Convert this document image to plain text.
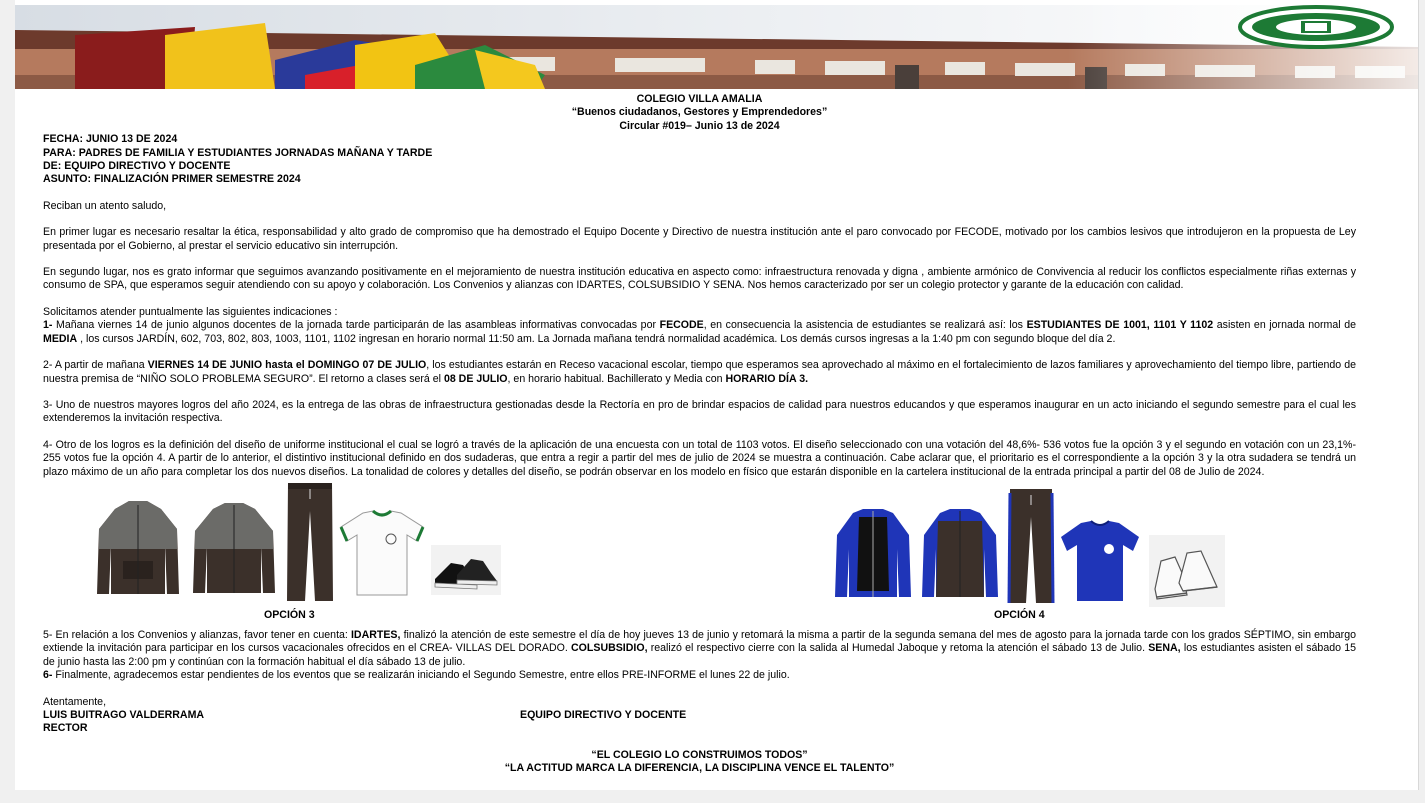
COLEGIO VILLA AMALIA
“Buenos ciudadanos, Gestores y Emprendedores”
Circular #019– Junio 13 de 2024
FECHA: JUNIO 13 DE 2024
PARA: PADRES DE FAMILIA Y ESTUDIANTES JORNADAS MAÑANA Y TARDE
DE: EQUIPO DIRECTIVO Y DOCENTE
ASUNTO: FINALIZACIÓN PRIMER SEMESTRE 2024

Reciban un atento saludo,

En primer lugar es necesario resaltar la ética, responsabilidad y alto grado de compromiso que ha demostrado el Equipo Docente y Directivo de nuestra institución ante el paro convocado por FECODE, motivado por los cambios lesivos que introdujeron en la propuesta de Ley presentada por el Gobierno, al prestar el servicio educativo sin interrupción.

En segundo lugar, nos es grato informar que seguimos avanzando positivamente en el mejoramiento de nuestra institución educativa en aspecto como: infraestructura renovada y digna , ambiente armónico de Convivencia al reducir los conflictos especialmente riñas externas y consumo de SPA, que esperamos seguir atendiendo con su apoyo y colaboración. Los Convenios y alianzas con IDARTES, COLSUBSIDIO Y SENA. Nos hemos caracterizado por ser un colegio protector y garante de la educación con calidad.

Solicitamos atender puntualmente las siguientes indicaciones :

1- Mañana viernes 14 de junio algunos docentes de la jornada tarde participarán de las asambleas informativas convocadas por FECODE, en consecuencia la asistencia de estudiantes se realizará así: los ESTUDIANTES DE 1001, 1101 Y 1102 asisten en jornada normal de MEDIA , los cursos JARDÍN, 602, 703, 802, 803, 1003, 1101, 1102 ingresan en horario normal 11:50 am. La Jornada mañana tendrá normalidad académica. Los demás cursos ingresas a la 1:40 pm con segundo bloque del día 2.

2- A partir de mañana VIERNES 14 DE JUNIO hasta el DOMINGO 07 DE JULIO, los estudiantes estarán en Receso vacacional escolar, tiempo que esperamos sea aprovechado al máximo en el fortalecimiento de lazos familiares y aprovechamiento del tiempo libre, partiendo de nuestra premisa de “NIÑO SOLO PROBLEMA SEGURO”. El retorno a clases será el 08 DE JULIO, en horario habitual. Bachillerato y Media con HORARIO DÍA 3.

3- Uno de nuestros mayores logros del año 2024, es la entrega de las obras de infraestructura gestionadas desde la Rectoría en pro de brindar espacios de calidad para nuestros educandos y que esperamos inaugurar en un acto iniciando el segundo semestre para el cual les extenderemos la invitación respectiva.

4- Otro de los logros es la definición del diseño de uniforme institucional el cual se logró a través de la aplicación de una encuesta con un total de 1103 votos. El diseño seleccionado con una votación del 48,6%- 536 votos fue la opción 3 y el segundo en votación con un 23,1%- 255 votos fue la opción 4. A partir de lo anterior, el distintivo institucional definido en dos sudaderas, que entra a regir a partir del mes de julio de 2024 se muestra a continuación. Cabe aclarar que, el prioritario es el correspondiente a la opción 3 y la otra sudadera se tendrá un plazo máximo de un año para completar los dos nuevos diseños. La tonalidad de colores y detalles del diseño, se podrán observar en los modelo en físico que estarán disponible en la cartelera institucional de la entrada principal a partir del 08 de Julio de 2024.

OPCIÓN 3	OPCIÓN 4

5- En relación a los Convenios y alianzas, favor tener en cuenta: IDARTES, finalizó la atención de este semestre el día de hoy jueves 13 de junio y retomará la misma a partir de la segunda semana del mes de agosto para la jornada tarde con los grados SÉPTIMO, sin embargo extiende la invitación para participar en los cursos vacacionales ofrecidos en el CREA- VILLAS DEL DORADO. COLSUBSIDIO, realizó el respectivo cierre con la salida al Humedal Jaboque y retoma la atención el sábado 13 de Julio. SENA, los estudiantes asisten el sábado 15 de junio hasta las 2:00 pm y continúan con la formación habitual el día sábado 13 de julio.

6- Finalmente, agradecemos estar pendientes de los eventos que se realizarán iniciando el Segundo Semestre, entre ellos PRE-INFORME el lunes 22 de julio.

Atentamente,

LUIS BUITRAGO VALDERRAMA
RECTOR
EQUIPO DIRECTIVO Y DOCENTE
“EL COLEGIO LO CONSTRUIMOS TODOS”
“LA ACTITUD MARCA LA DIFERENCIA, LA DISCIPLINA VENCE EL TALENTO”
